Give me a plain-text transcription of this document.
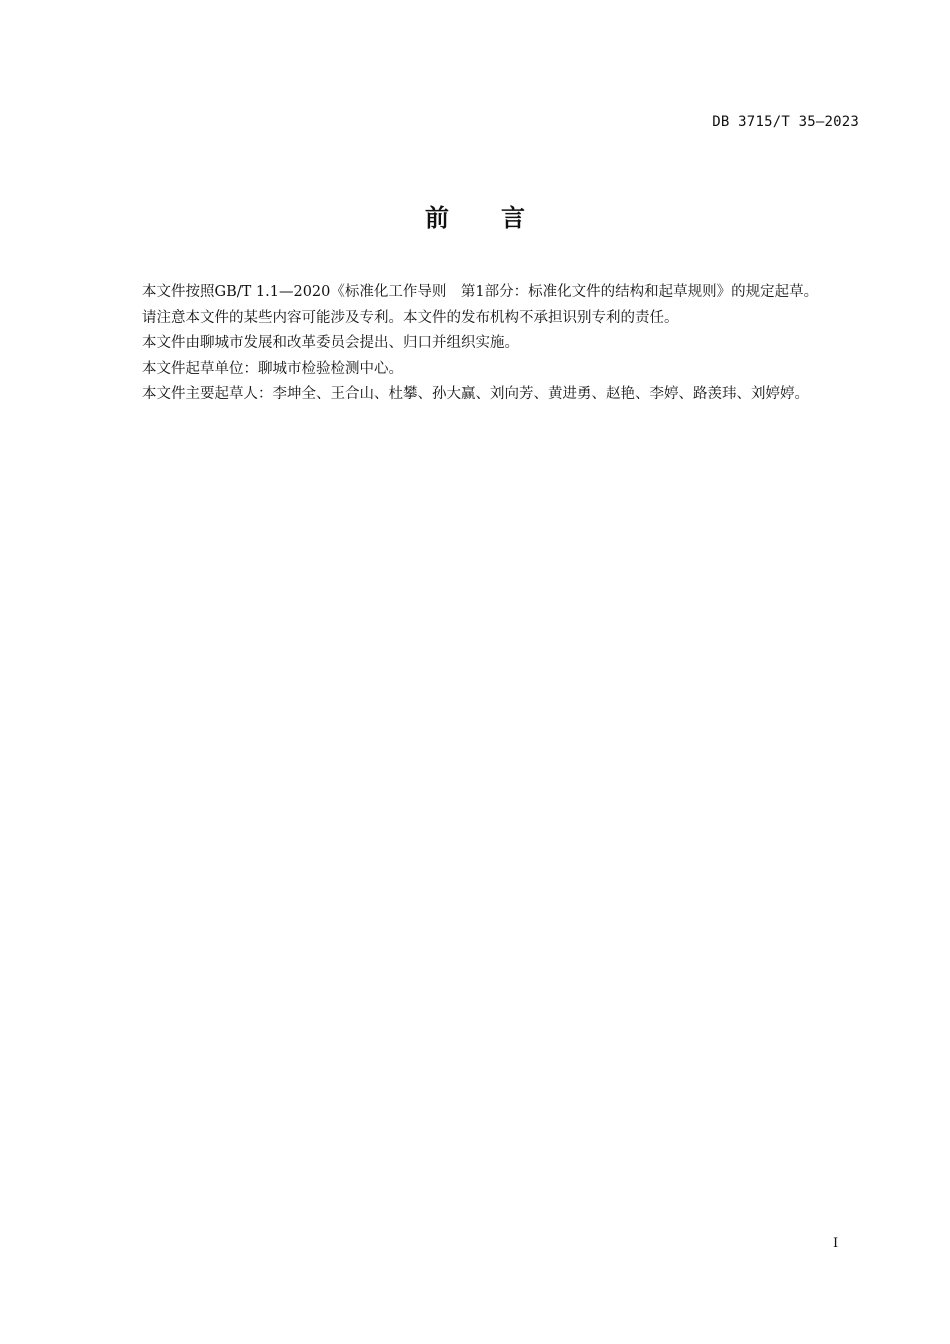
DB 3715/T 35—2023
前 言

本文件按照GB/T 1.1—2020《标准化工作导则　第1部分：标准化文件的结构和起草规则》的规定起草。

请注意本文件的某些内容可能涉及专利。本文件的发布机构不承担识别专利的责任。

本文件由聊城市发展和改革委员会提出、归口并组织实施。

本文件起草单位：聊城市检验检测中心。

本文件主要起草人：李坤全、王合山、杜攀、孙大赢、刘向芳、黄进勇、赵艳、李婷、路羡玮、刘婷婷。

I
